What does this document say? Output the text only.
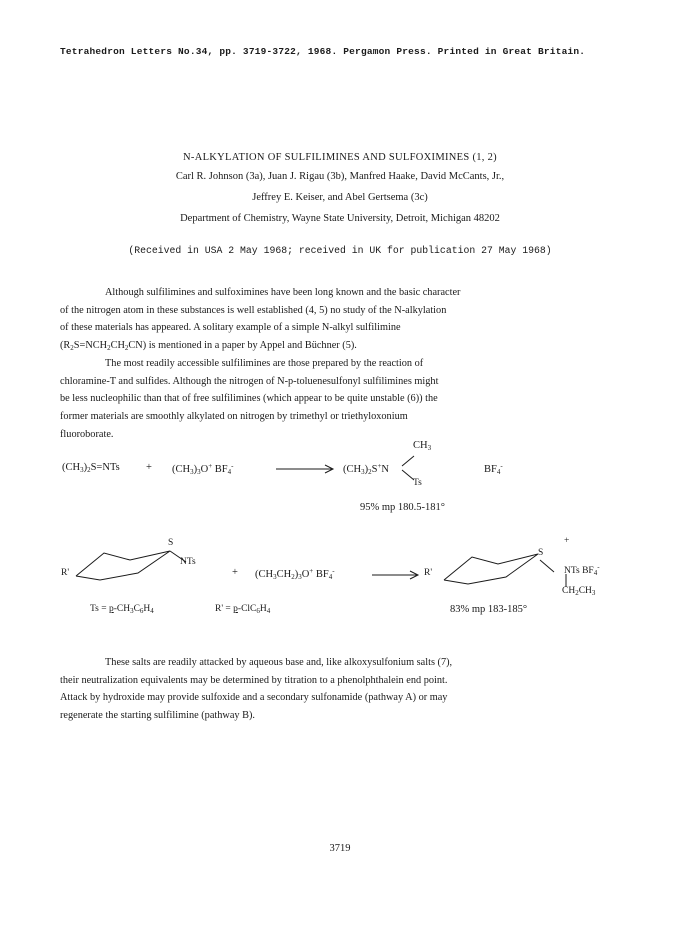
Tetrahedron Letters No.34, pp. 3719-3722, 1968. Pergamon Press. Printed in Great Britain.
N-ALKYLATION OF SULFILIMINES AND SULFOXIMINES (1, 2)
Carl R. Johnson (3a), Juan J. Rigau (3b), Manfred Haake, David McCants, Jr.,
Jeffrey E. Keiser, and Abel Gertsema (3c)
Department of Chemistry, Wayne State University, Detroit, Michigan 48202
(Received in USA 2 May 1968; received in UK for publication 27 May 1968)
Although sulfilimines and sulfoximines have been long known and the basic character
of the nitrogen atom in these substances is well established (4, 5) no study of the N-alkylation
of these materials has appeared. A solitary example of a simple N-alkyl sulfilimine
$(R_2S=NCH_2CH_2CN)$ is mentioned in a paper by Appel and Büchner (5).
The most readily accessible sulfilimines are those prepared by the reaction of
chloramine-T and sulfides. Although the nitrogen of N-p-toluenesulfonyl sulfilimines might
be less nucleophilic than that of free sulfilimines (which appear to be quite unstable (6)) the
former materials are smoothly alkylated on nitrogen by trimethyl or triethyloxonium
fluoroborate.
$(CH_3)_2S=NTs$	+ $(CH_3)_3O^+$ $BF_4^-$	$(CH_3)_2S^+N$
$CH_3$
Ts
$BF_4^-$
95% mp 180.5-181°
S
NTs
R'	+ $(CH_3CH_2)_3O^+$ $BF_4^-$	R'
+
S
NTs $BF_4^-$
$CH_2CH_3$
$Ts = p-CH_3C_6H_4$	$R' = p-ClC_6H_4$	83% mp 183-185°
These salts are readily attacked by aqueous base and, like alkoxysulfonium salts (7),
their neutralization equivalents may be determined by titration to a phenolphthalein end point.
Attack by hydroxide may provide sulfoxide and a secondary sulfonamide (pathway A) or may
regenerate the starting sulfilimine (pathway B).
3719
